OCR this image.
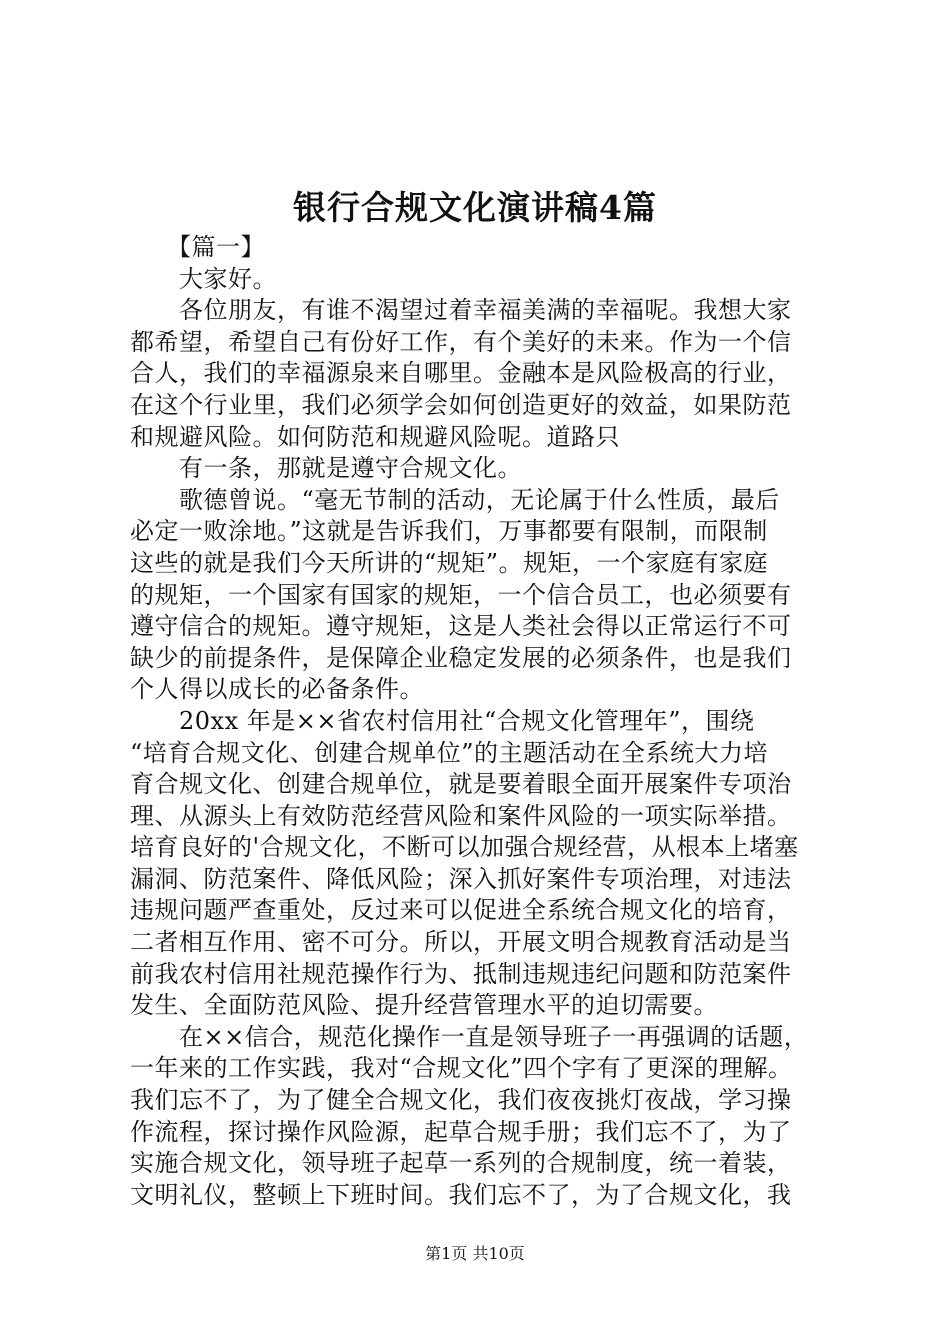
银行合规文化演讲稿4篇
　　【篇一】
　　大家好。
　　各位朋友，有谁不渴望过着幸福美满的幸福呢。我想大家
都希望，希望自己有份好工作，有个美好的未来。作为一个信
合人，我们的幸福源泉来自哪里。金融本是风险极高的行业，
在这个行业里，我们必须学会如何创造更好的效益，如果防范
和规避风险。如何防范和规避风险呢。道路只
　　有一条，那就是遵守合规文化。
　　歌德曾说。“毫无节制的活动，无论属于什么性质，最后
必定一败涂地。”这就是告诉我们，万事都要有限制，而限制
这些的就是我们今天所讲的“规矩”。规矩，一个家庭有家庭
的规矩，一个国家有国家的规矩，一个信合员工，也必须要有
遵守信合的规矩。遵守规矩，这是人类社会得以正常运行不可
缺少的前提条件，是保障企业稳定发展的必须条件，也是我们
个人得以成长的必备条件。
　　20xx 年是××省农村信用社“合规文化管理年”，围绕
“培育合规文化、创建合规单位”的主题活动在全系统大力培
育合规文化、创建合规单位，就是要着眼全面开展案件专项治
理、从源头上有效防范经营风险和案件风险的一项实际举措。
培育良好的'合规文化，不断可以加强合规经营，从根本上堵塞
漏洞、防范案件、降低风险；深入抓好案件专项治理，对违法
违规问题严查重处，反过来可以促进全系统合规文化的培育，
二者相互作用、密不可分。所以，开展文明合规教育活动是当
前我农村信用社规范操作行为、抵制违规违纪问题和防范案件
发生、全面防范风险、提升经营管理水平的迫切需要。
　　在××信合，规范化操作一直是领导班子一再强调的话题，
一年来的工作实践，我对“合规文化”四个字有了更深的理解。
我们忘不了，为了健全合规文化，我们夜夜挑灯夜战，学习操
作流程，探讨操作风险源，起草合规手册；我们忘不了，为了
实施合规文化，领导班子起草一系列的合规制度，统一着装，
文明礼仪，整顿上下班时间。我们忘不了，为了合规文化，我
第1页 共10页
